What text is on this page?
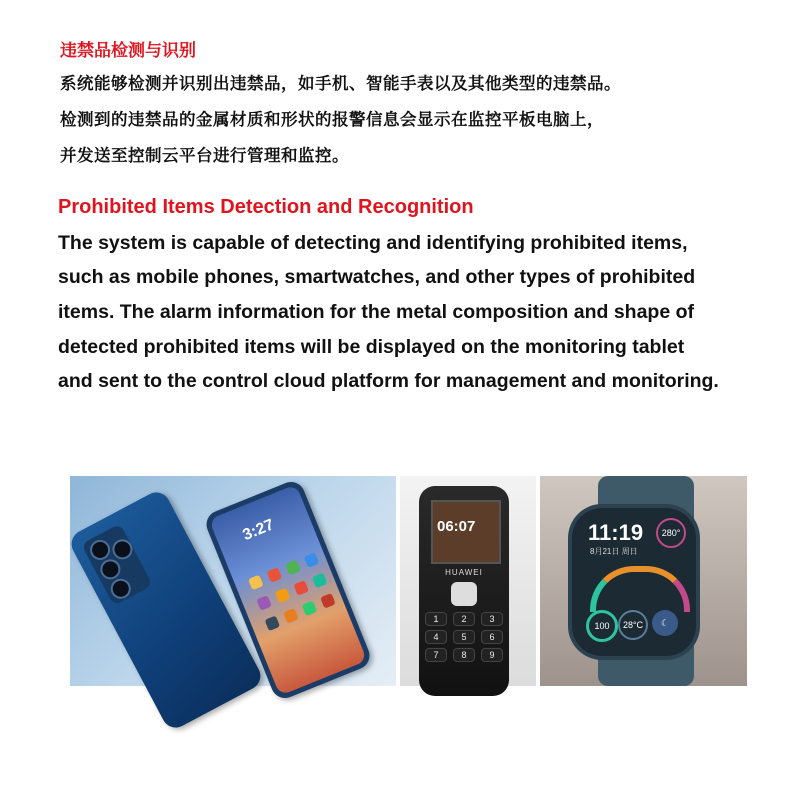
违禁品检测与识别
系统能够检测并识别出违禁品，如手机、智能手表以及其他类型的违禁品。
检测到的违禁品的金属材质和形状的报警信息会显示在监控平板电脑上，
并发送至控制云平台进行管理和监控。
Prohibited Items Detection and Recognition
The system is capable of detecting and identifying prohibited items,
such as mobile phones, smartwatches, and other types of prohibited
items. The alarm information for the metal composition and shape of
detected prohibited items will be displayed on the monitoring tablet
and sent to the control cloud platform for management and monitoring.
3:27	06:07
HUAWEI
1	2	3
4	5	6
7	8	9
11:19
8月21日 周日
280°
100	28°C	☾
